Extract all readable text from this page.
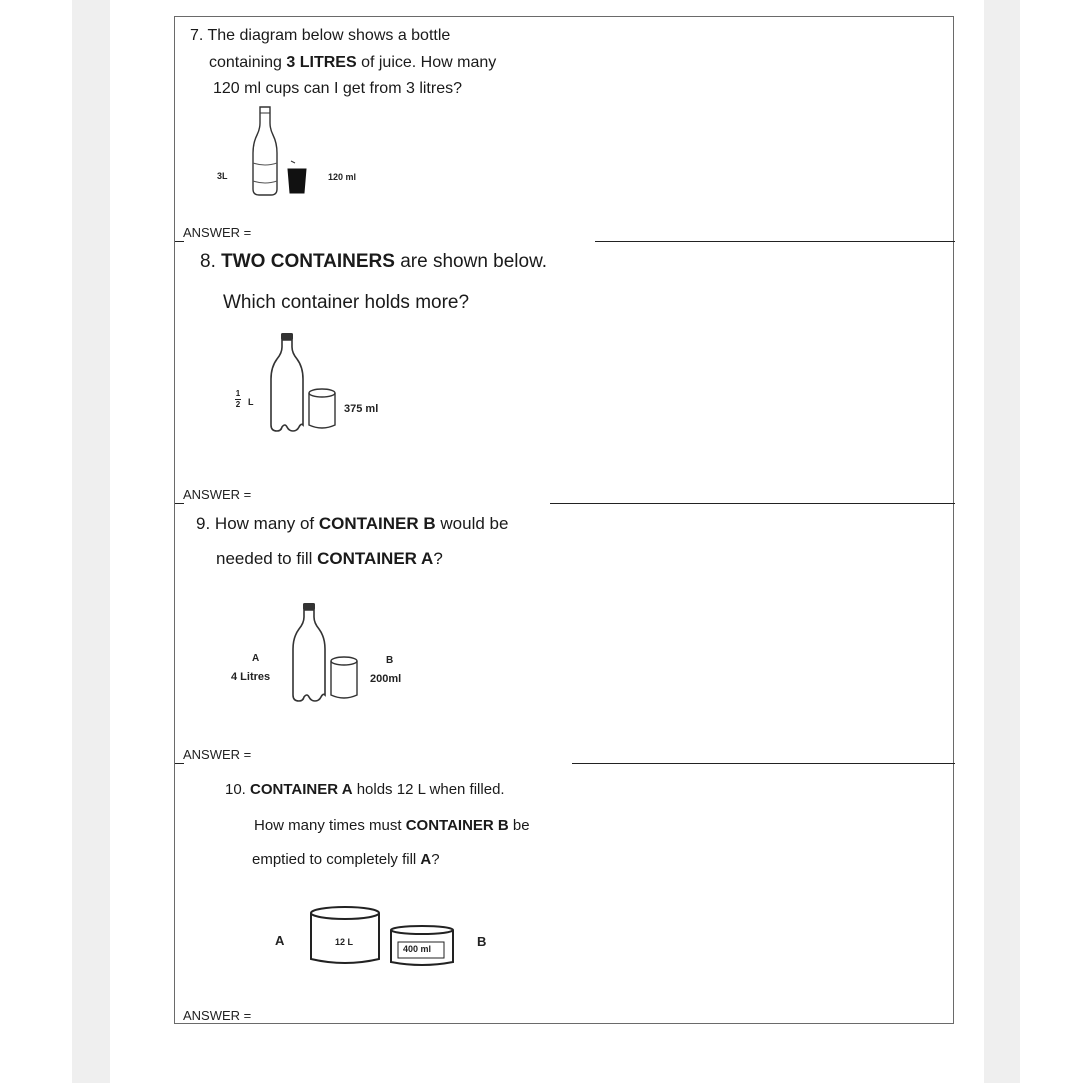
7. The diagram below shows a bottle
containing 3 LITRES of juice. How many
120 ml cups can I get from 3 litres?
3L	120 ml
ANSWER =
8. TWO CONTAINERS are shown below.
Which container holds more?
1
2 L
375 ml
ANSWER =
9. How many of CONTAINER B would be
needed to fill CONTAINER A?
A
4 Litres
B
200ml
ANSWER =
10. CONTAINER A holds 12 L when filled.
How many times must CONTAINER B be
emptied to completely fill A?
A	12 L
400 ml	B
ANSWER =
